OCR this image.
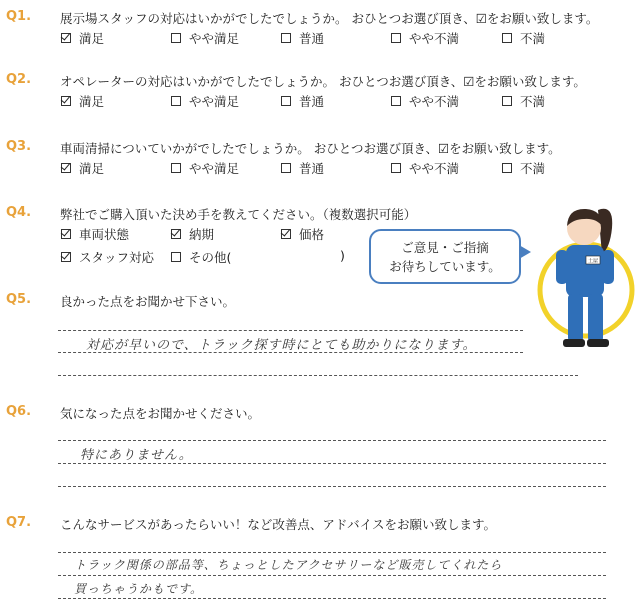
Q1. 展示場スタッフの対応はいかがでしたでしょうか。 おひとつお選び頂き、☑をお願い致します。
満足	やや満足	普通	やや不満	不満
Q2. オペレーターの対応はいかがでしたでしょうか。 おひとつお選び頂き、☑をお願い致します。
満足	やや満足	普通	やや不満	不満
Q3. 車両清掃についていかがでしたでしょうか。 おひとつお選び頂き、☑をお願い致します。
満足	やや満足	普通	やや不満	不満
Q4. 弊社でご購入頂いた決め手を教えてください。（複数選択可能）
車両状態	納期	価格
スタッフ対応	その他(	)
ご意見・ご指摘
お待ちしています。	土屋
Q5. 良かった点をお聞かせ下さい。
対応が早いので、トラック探す時にとても助かりになります。
Q6. 気になった点をお聞かせください。
特にありません。
Q7. こんなサービスがあったらいい！など改善点、アドバイスをお願い致します。
トラック関係の部品等、ちょっとしたアクセサリーなど販売してくれたら
買っちゃうかもです。
